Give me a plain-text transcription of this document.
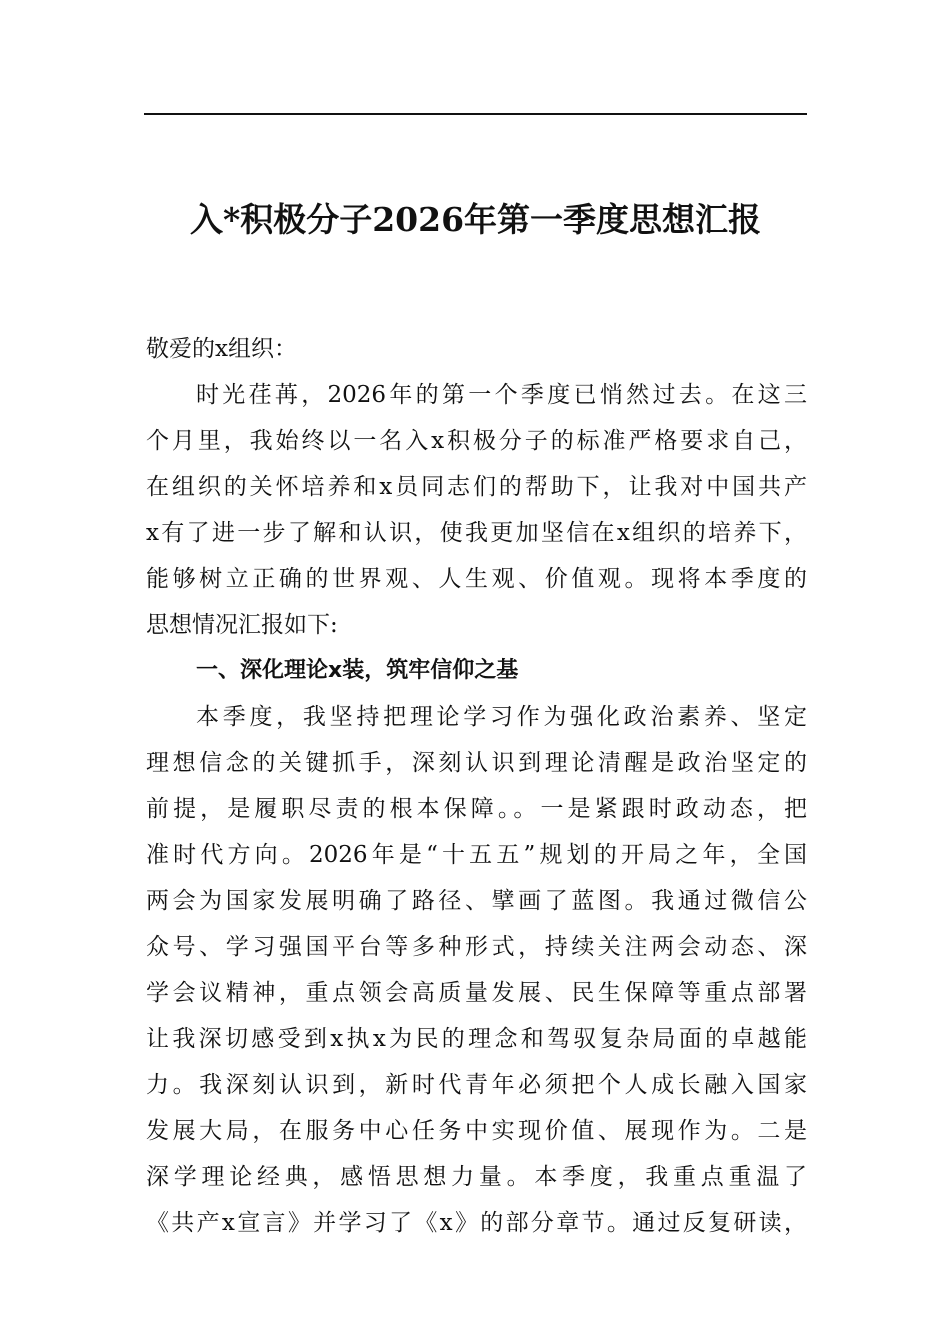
入*积极分子2026年第一季度思想汇报
敬爱的x组织：
时光荏苒，2026年的第一个季度已悄然过去。在这三
个月里，我始终以一名入x积极分子的标准严格要求自己，
在组织的关怀培养和x员同志们的帮助下，让我对中国共产
x有了进一步了解和认识，使我更加坚信在x组织的培养下，
能够树立正确的世界观、人生观、价值观。现将本季度的
思想情况汇报如下:
一、深化理论x装，筑牢信仰之基
本季度，我坚持把理论学习作为强化政治素养、坚定
理想信念的关键抓手，深刻认识到理论清醒是政治坚定的
前提，是履职尽责的根本保障。。一是紧跟时政动态，把
准时代方向。2026年是“十五五”规划的开局之年，全国
两会为国家发展明确了路径、擘画了蓝图。我通过微信公
众号、学习强国平台等多种形式，持续关注两会动态、深
学会议精神，重点领会高质量发展、民生保障等重点部署
让我深切感受到x执x为民的理念和驾驭复杂局面的卓越能
力。我深刻认识到，新时代青年必须把个人成长融入国家
发展大局，在服务中心任务中实现价值、展现作为。二是
深学理论经典，感悟思想力量。本季度，我重点重温了
《共产x宣言》并学习了《x》的部分章节。通过反复研读，
